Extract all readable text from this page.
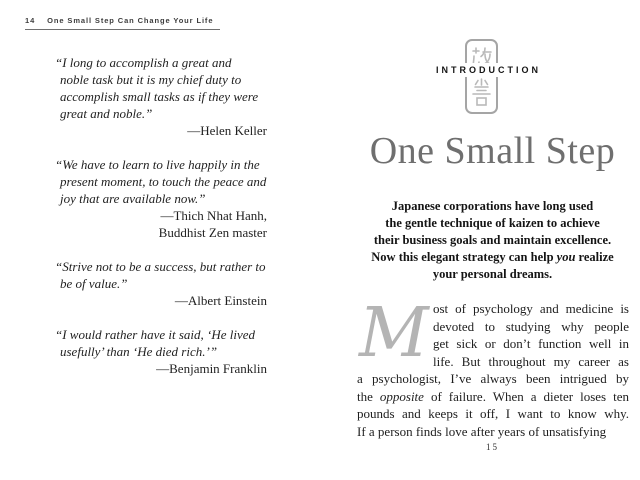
14 One Small Step Can Change Your Life
“I long to accomplish a great and
noble task but it is my chief duty to
accomplish small tasks as if they were
great and noble.”
—Helen Keller
“We have to learn to live happily in the
present moment, to touch the peace and
joy that are available now.”
—Thich Nhat Hanh,
Buddhist Zen master
“Strive not to be a success, but rather to
be of value.”
—Albert Einstein
“I would rather have it said, ‘He lived
usefully’ than ‘He died rich.’”
—Benjamin Franklin
INTRODUCTION
One Small Step
Japanese corporations have long used
the gentle technique of kaizen to achieve
their business goals and maintain excellence.
Now this elegant strategy can help you realize
your personal dreams.
M ost of psychology and medicine is
devoted to studying why people
get sick or don’t function well in
life. But throughout my career as
a psychologist, I’ve always been intrigued by
the opposite of failure. When a dieter loses ten
pounds and keeps it off, I want to know why.
If a person finds love after years of unsatisfying
15
